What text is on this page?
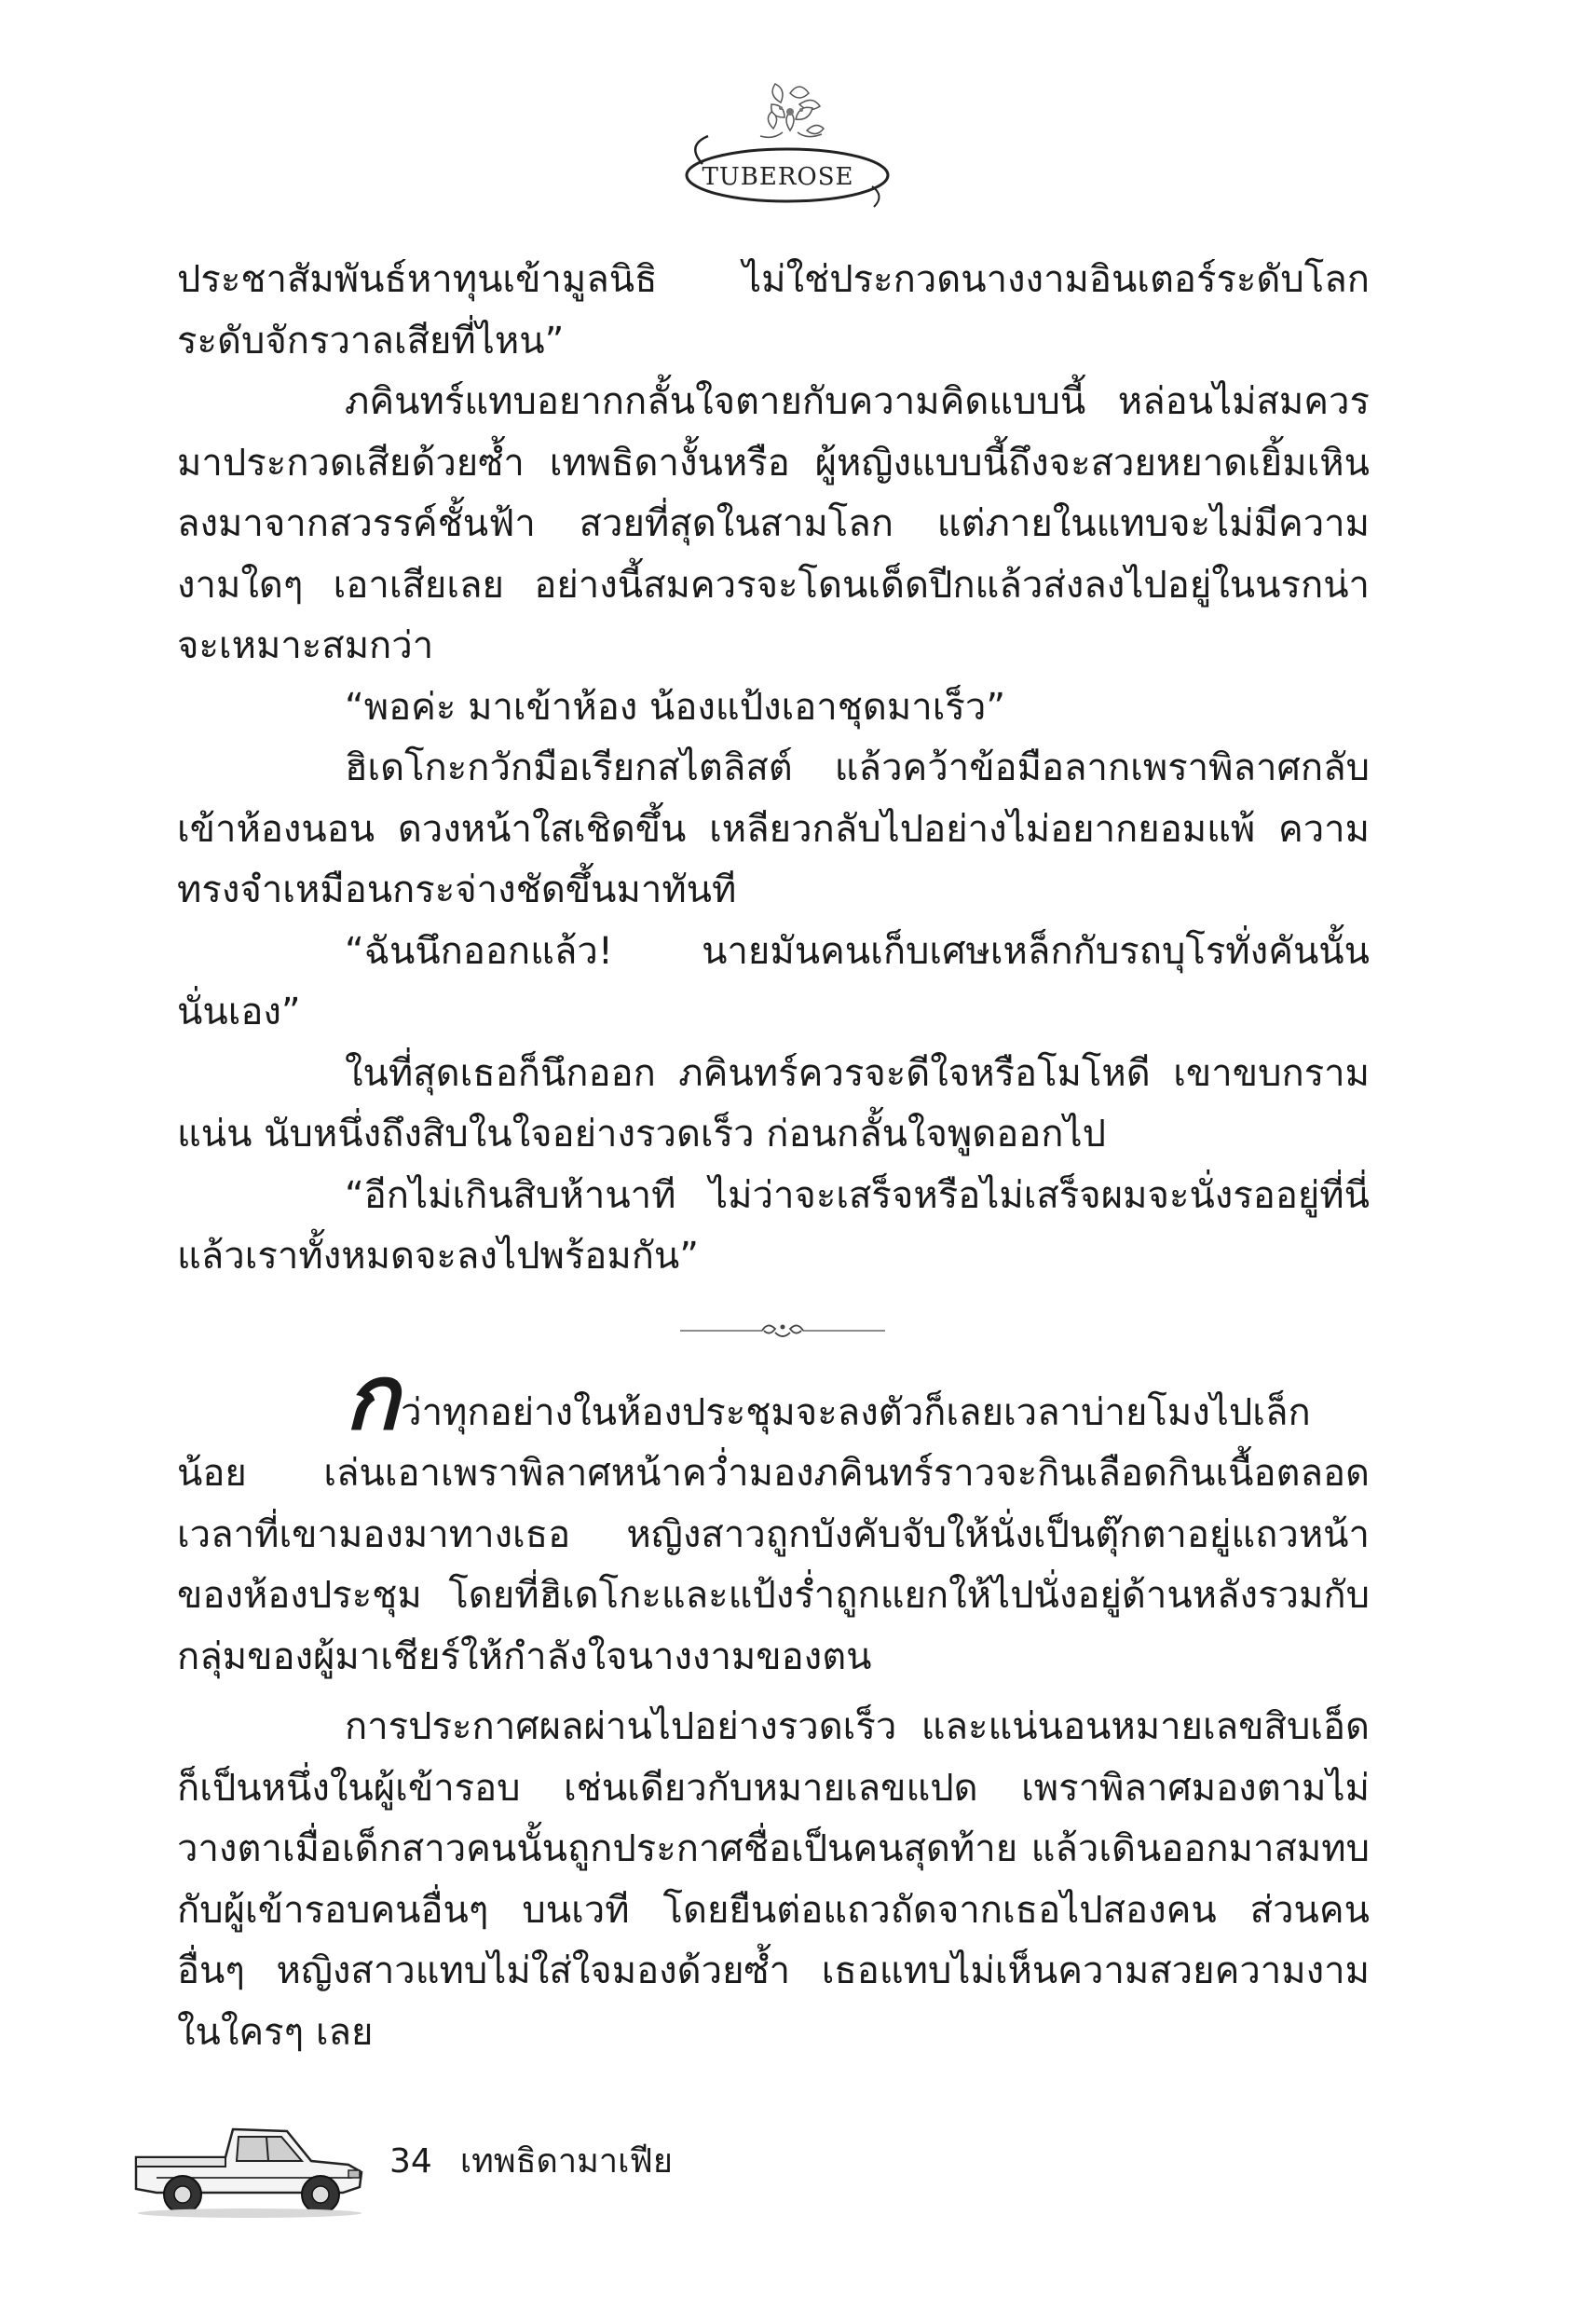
TUBEROSE

ประชาสัมพันธ์หาทุนเข้ามูลนิธิ ไม่ใช่ประกวดนางงามอินเตอร์ระดับโลก ระดับจักรวาลเสียที่ไหน”

ภคินทร์แทบอยากกลั้นใจตายกับความคิดแบบนี้ หล่อนไม่สมควรมาประกวดเสียด้วยซ้ำ เทพธิดางั้นหรือ ผู้หญิงแบบนี้ถึงจะสวยหยาดเยิ้มเหินลงมาจากสวรรค์ชั้นฟ้า สวยที่สุดในสามโลก แต่ภายในแทบจะไม่มีความงามใดๆ เอาเสียเลย อย่างนี้สมควรจะโดนเด็ดปีกแล้วส่งลงไปอยู่ในนรกน่าจะเหมาะสมกว่า

“พอค่ะ มาเข้าห้อง น้องแป้งเอาชุดมาเร็ว”

ฮิเดโกะกวักมือเรียกสไตลิสต์ แล้วคว้าข้อมือลากเพราพิลาศกลับเข้าห้องนอน ดวงหน้าใสเชิดขึ้น เหลียวกลับไปอย่างไม่อยากยอมแพ้ ความทรงจำเหมือนกระจ่างชัดขึ้นมาทันที

“ฉันนึกออกแล้ว! นายมันคนเก็บเศษเหล็กกับรถบุโรทั่งคันนั้นนั่นเอง”

ในที่สุดเธอก็นึกออก ภคินทร์ควรจะดีใจหรือโมโหดี เขาขบกรามแน่น นับหนึ่งถึงสิบในใจอย่างรวดเร็ว ก่อนกลั้นใจพูดออกไป

“อีกไม่เกินสิบห้านาที ไม่ว่าจะเสร็จหรือไม่เสร็จผมจะนั่งรออยู่ที่นี่แล้วเราทั้งหมดจะลงไปพร้อมกัน”

กว่าทุกอย่างในห้องประชุมจะลงตัวก็เลยเวลาบ่ายโมงไปเล็กน้อย เล่นเอาเพราพิลาศหน้าคว่ำมองภคินทร์ราวจะกินเลือดกินเนื้อตลอดเวลาที่เขามองมาทางเธอ หญิงสาวถูกบังคับจับให้นั่งเป็นตุ๊กตาอยู่แถวหน้าของห้องประชุม โดยที่ฮิเดโกะและแป้งร่ำถูกแยกให้ไปนั่งอยู่ด้านหลังรวมกับกลุ่มของผู้มาเชียร์ให้กำลังใจนางงามของตน

การประกาศผลผ่านไปอย่างรวดเร็ว และแน่นอนหมายเลขสิบเอ็ดก็เป็นหนึ่งในผู้เข้ารอบ เช่นเดียวกับหมายเลขแปด เพราพิลาศมองตามไม่วางตาเมื่อเด็กสาวคนนั้นถูกประกาศชื่อเป็นคนสุดท้าย แล้วเดินออกมาสมทบกับผู้เข้ารอบคนอื่นๆ บนเวที โดยยืนต่อแถวถัดจากเธอไปสองคน ส่วนคนอื่นๆ หญิงสาวแทบไม่ใส่ใจมองด้วยซ้ำ เธอแทบไม่เห็นความสวยความงามในใครๆ เลย

34 เทพธิดามาเฟีย
